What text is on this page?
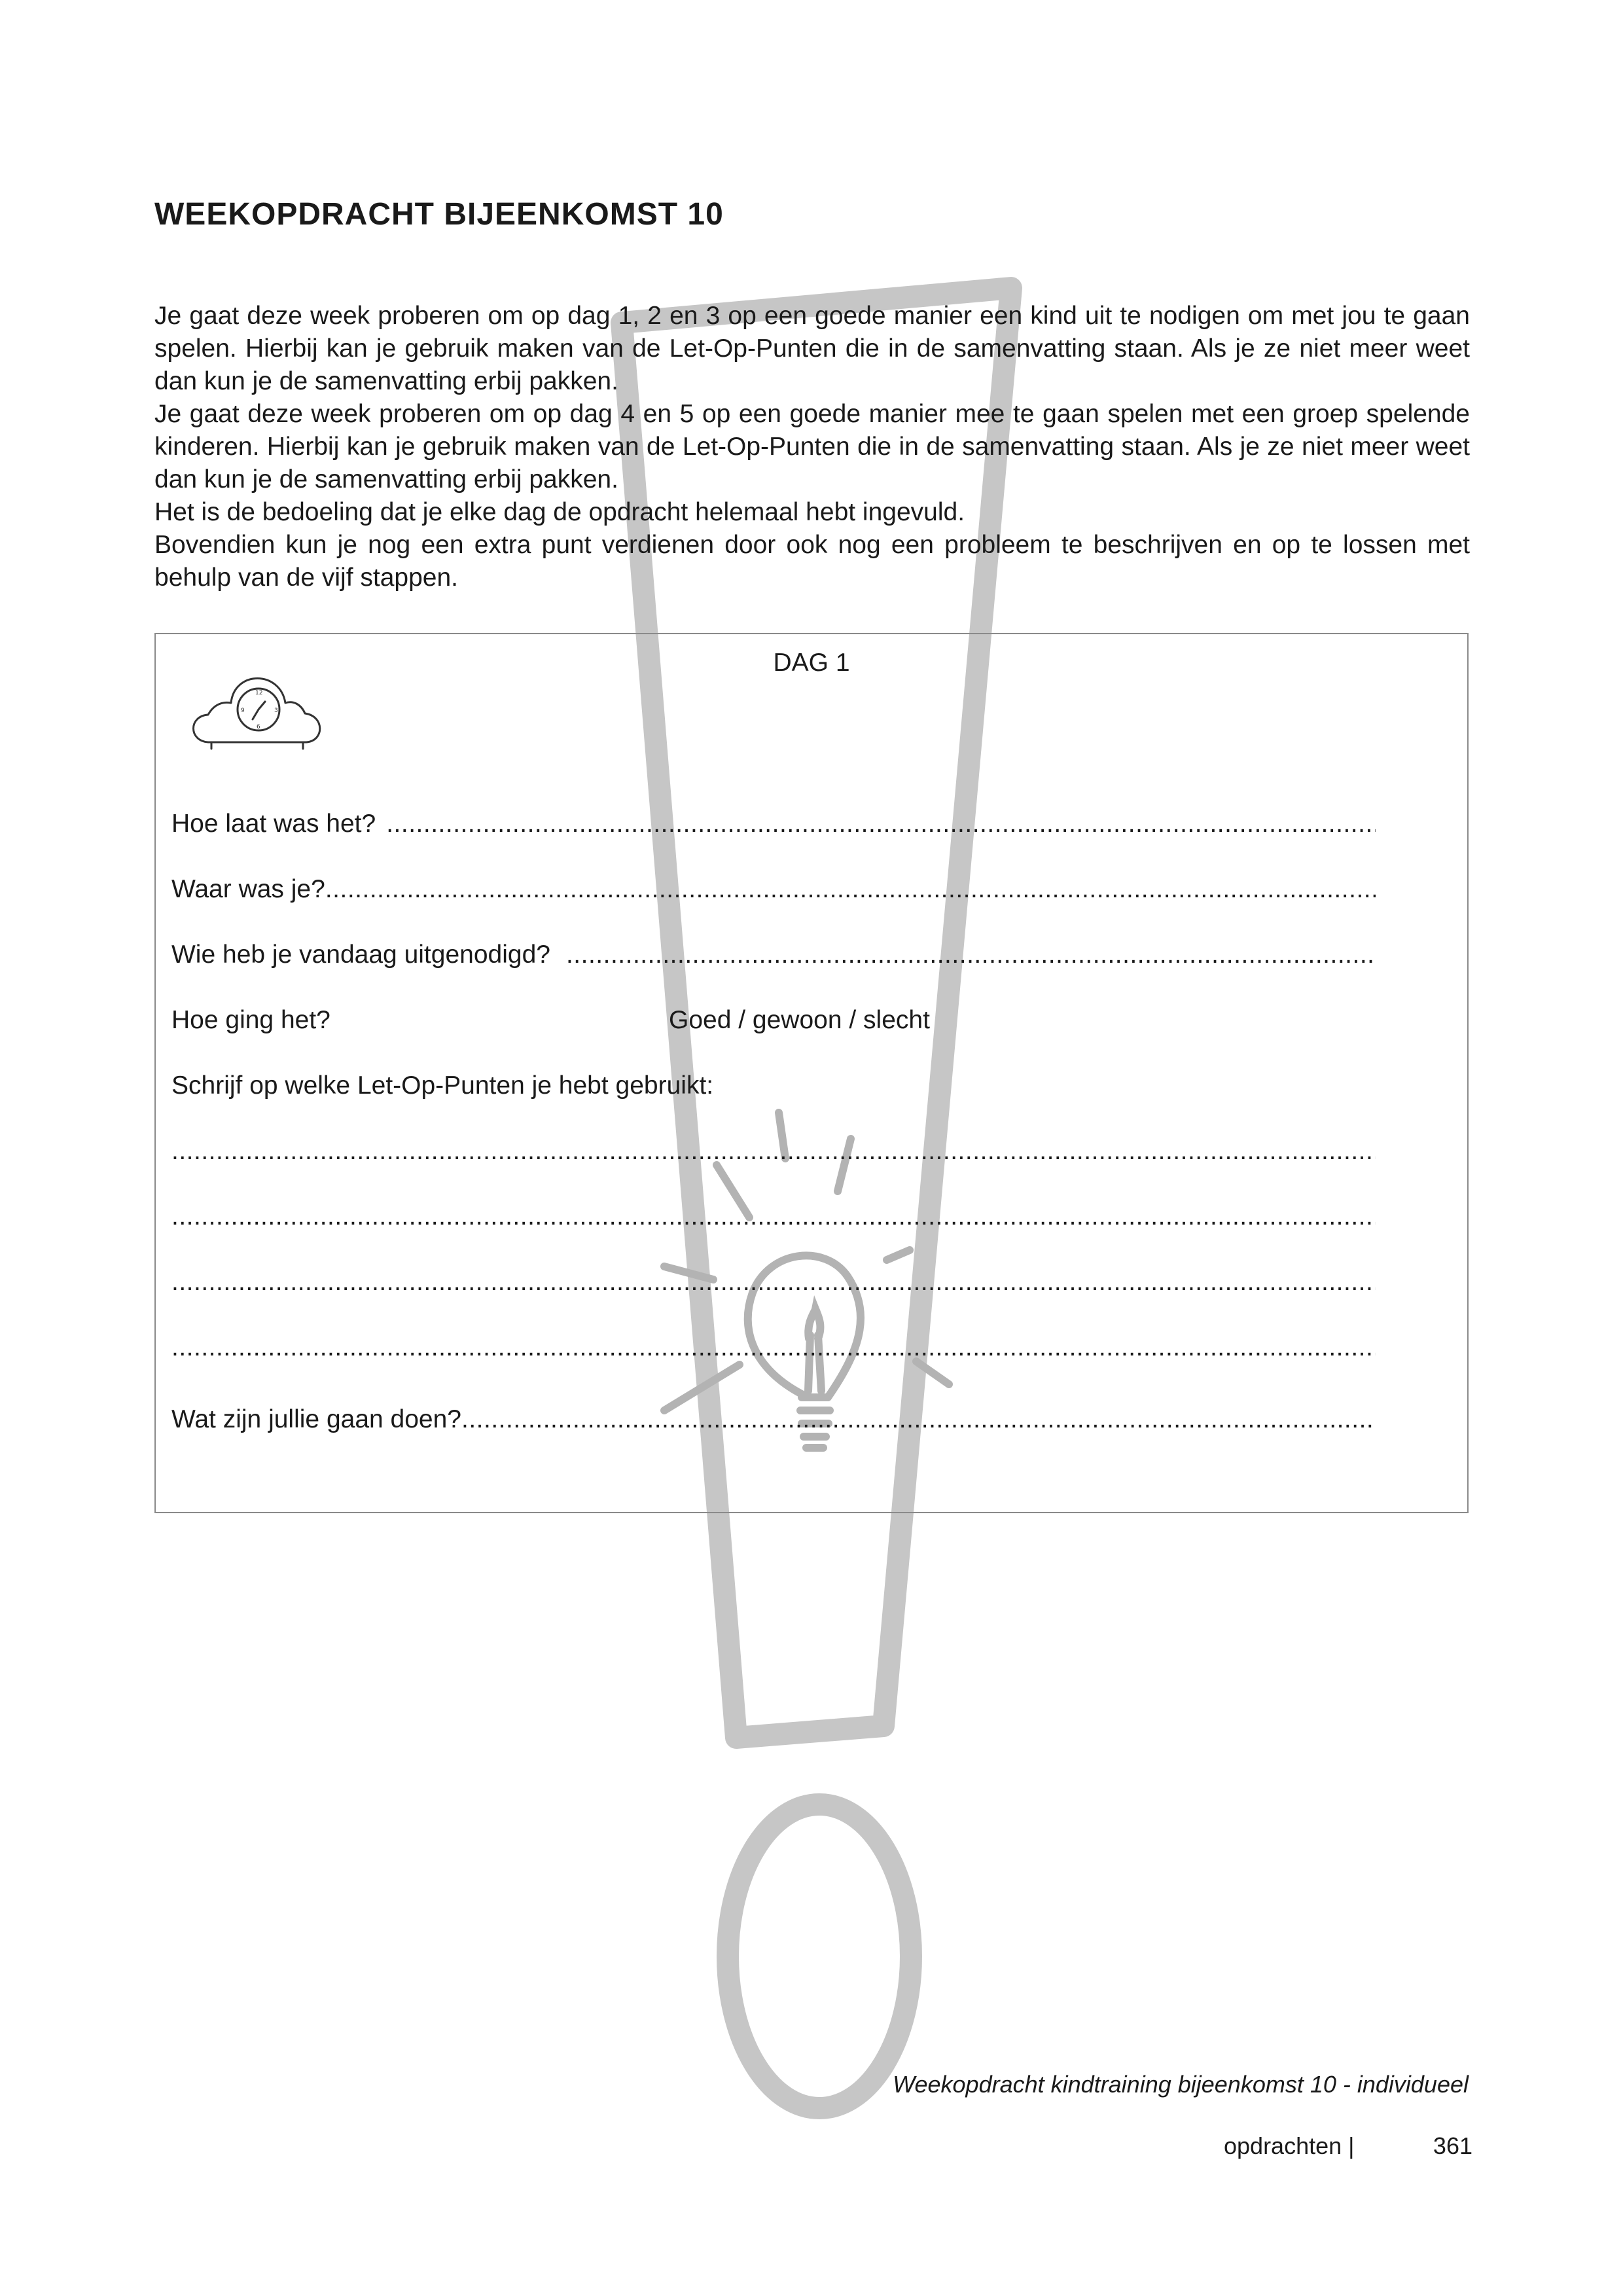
WEEKOPDRACHT BIJEENKOMST 10

Je gaat deze week proberen om op dag 1, 2 en 3 op een goede manier een kind uit te nodigen om met jou te gaan spelen. Hierbij kan je gebruik maken van de Let-Op-Punten die in de samenvatting staan. Als je ze niet meer weet dan kun je de samenvatting erbij pakken.

Je gaat deze week proberen om op dag 4 en 5 op een goede manier mee te gaan spelen met een groep spelende kinderen. Hierbij kan je gebruik maken van de Let-Op-Punten die in de samenvatting staan. Als je ze niet meer weet dan kun je de samenvatting erbij pakken.

Het is de bedoeling dat je elke dag de opdracht helemaal hebt ingevuld.

Bovendien kun je nog een extra punt verdienen door ook nog een probleem te beschrijven en op te lossen met behulp van de vijf stappen.

DAG 1
12
3
6
9
Hoe laat was het?
.....
Waar was je?
.....
Wie heb je vandaag uitgenodigd?
.....
Hoe ging het?	Goed / gewoon / slecht
Schrijf op welke Let-Op-Punten je hebt gebruikt:
.....
.....
.....
.....
Wat zijn jullie gaan doen?
.....
Weekopdracht kindtraining bijeenkomst 10 - individueel
opdrachten |	361
